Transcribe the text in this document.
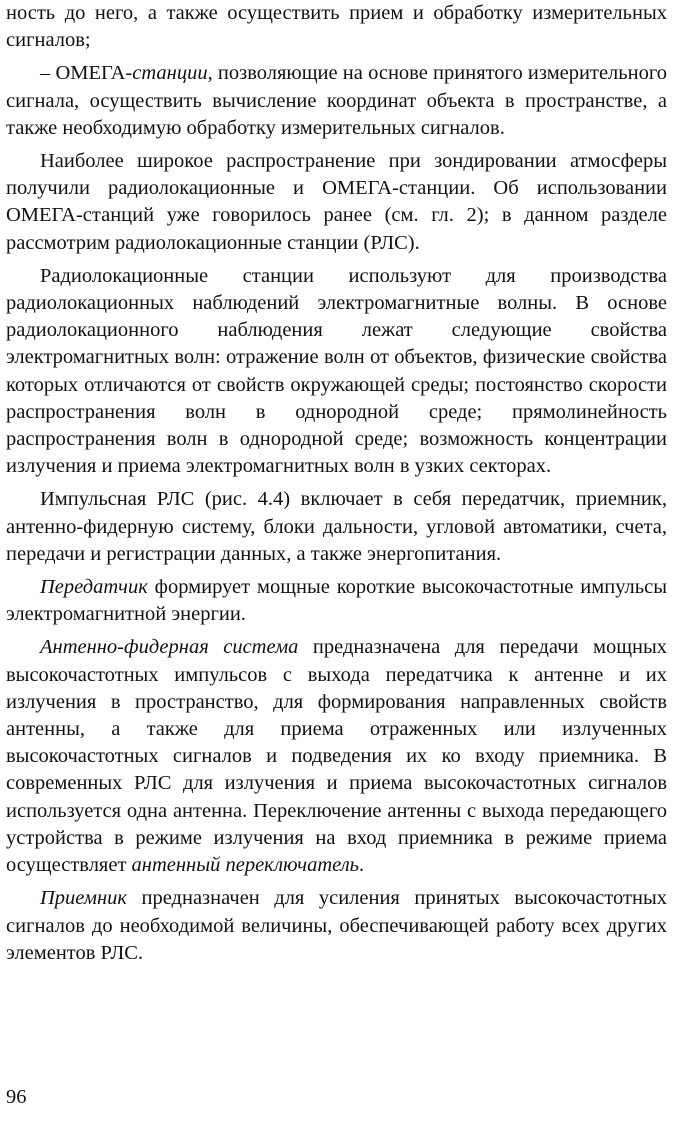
ность до него, а также осуществить прием и обработку измерительных сигналов;

– ОМЕГА-станции, позволяющие на основе принятого измерительного сигнала, осуществить вычисление координат объекта в пространстве, а также необходимую обработку измерительных сигналов.

Наиболее широкое распространение при зондировании атмосферы получили радиолокационные и ОМЕГА-станции. Об использовании ОМЕГА-станций уже говорилось ранее (см. гл. 2); в данном разделе рассмотрим радиолокационные станции (РЛС).

Радиолокационные станции используют для производства радиолокационных наблюдений электромагнитные волны. В основе радиолокационного наблюдения лежат следующие свойства электромагнитных волн: отражение волн от объектов, физические свойства которых отличаются от свойств окружающей среды; постоянство скорости распространения волн в однородной среде; прямолинейность распространения волн в однородной среде; возможность концентрации излучения и приема электромагнитных волн в узких секторах.

Импульсная РЛС (рис. 4.4) включает в себя передатчик, приемник, антенно-фидерную систему, блоки дальности, угловой автоматики, счета, передачи и регистрации данных, а также энергопитания.

Передатчик формирует мощные короткие высокочастотные импульсы электромагнитной энергии.

Антенно-фидерная система предназначена для передачи мощных высокочастотных импульсов с выхода передатчика к антенне и их излучения в пространство, для формирования направленных свойств антенны, а также для приема отраженных или излученных высокочастотных сигналов и подведения их ко входу приемника. В современных РЛС для излучения и приема высокочастотных сигналов используется одна антенна. Переключение антенны с выхода передающего устройства в режиме излучения на вход приемника в режиме приема осуществляет антенный переключатель.

Приемник предназначен для усиления принятых высокочастотных сигналов до необходимой величины, обеспечивающей работу всех других элементов РЛС.

96
